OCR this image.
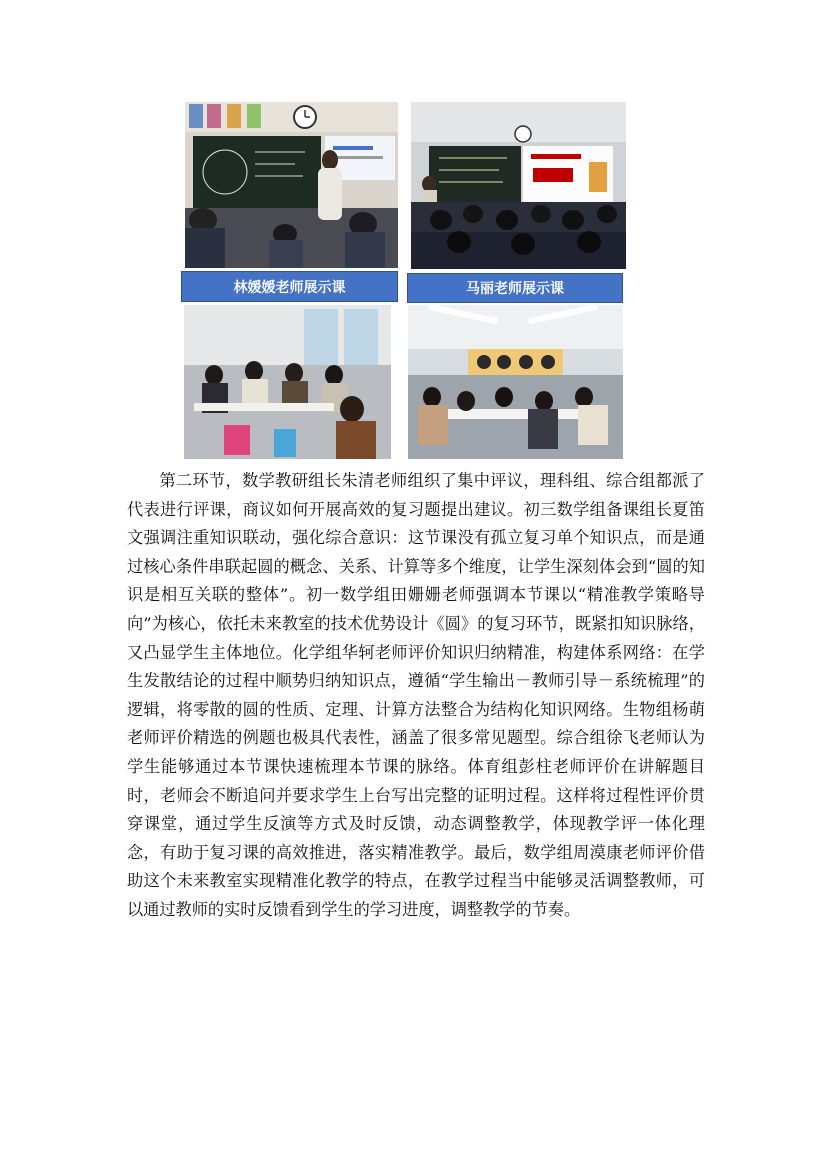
林媛媛老师展示课	马丽老师展示课

第二环节，数学教研组长朱清老师组织了集中评议，理科组、综合组都派了代表进行评课，商议如何开展高效的复习题提出建议。初三数学组备课组长夏笛文强调注重知识联动，强化综合意识：这节课没有孤立复习单个知识点，而是通过核心条件串联起圆的概念、关系、计算等多个维度，让学生深刻体会到“圆的知识是相互关联的整体”。初一数学组田姗姗老师强调本节课以“精准教学策略导向”为核心，依托未来教室的技术优势设计《圆》的复习环节，既紧扣知识脉络，又凸显学生主体地位。化学组华轲老师评价知识归纳精准，构建体系网络：在学生发散结论的过程中顺势归纳知识点，遵循“学生输出－教师引导－系统梳理”的逻辑，将零散的圆的性质、定理、计算方法整合为结构化知识网络。生物组杨萌老师评价精选的例题也极具代表性，涵盖了很多常见题型。综合组徐飞老师认为学生能够通过本节课快速梳理本节课的脉络。体育组彭柱老师评价在讲解题目时，老师会不断追问并要求学生上台写出完整的证明过程。这样将过程性评价贯穿课堂，通过学生反演等方式及时反馈，动态调整教学，体现教学评一体化理念，有助于复习课的高效推进，落实精准教学。最后，数学组周漠康老师评价借助这个未来教室实现精准化教学的特点，在教学过程当中能够灵活调整教师，可以通过教师的实时反馈看到学生的学习进度，调整教学的节奏。
